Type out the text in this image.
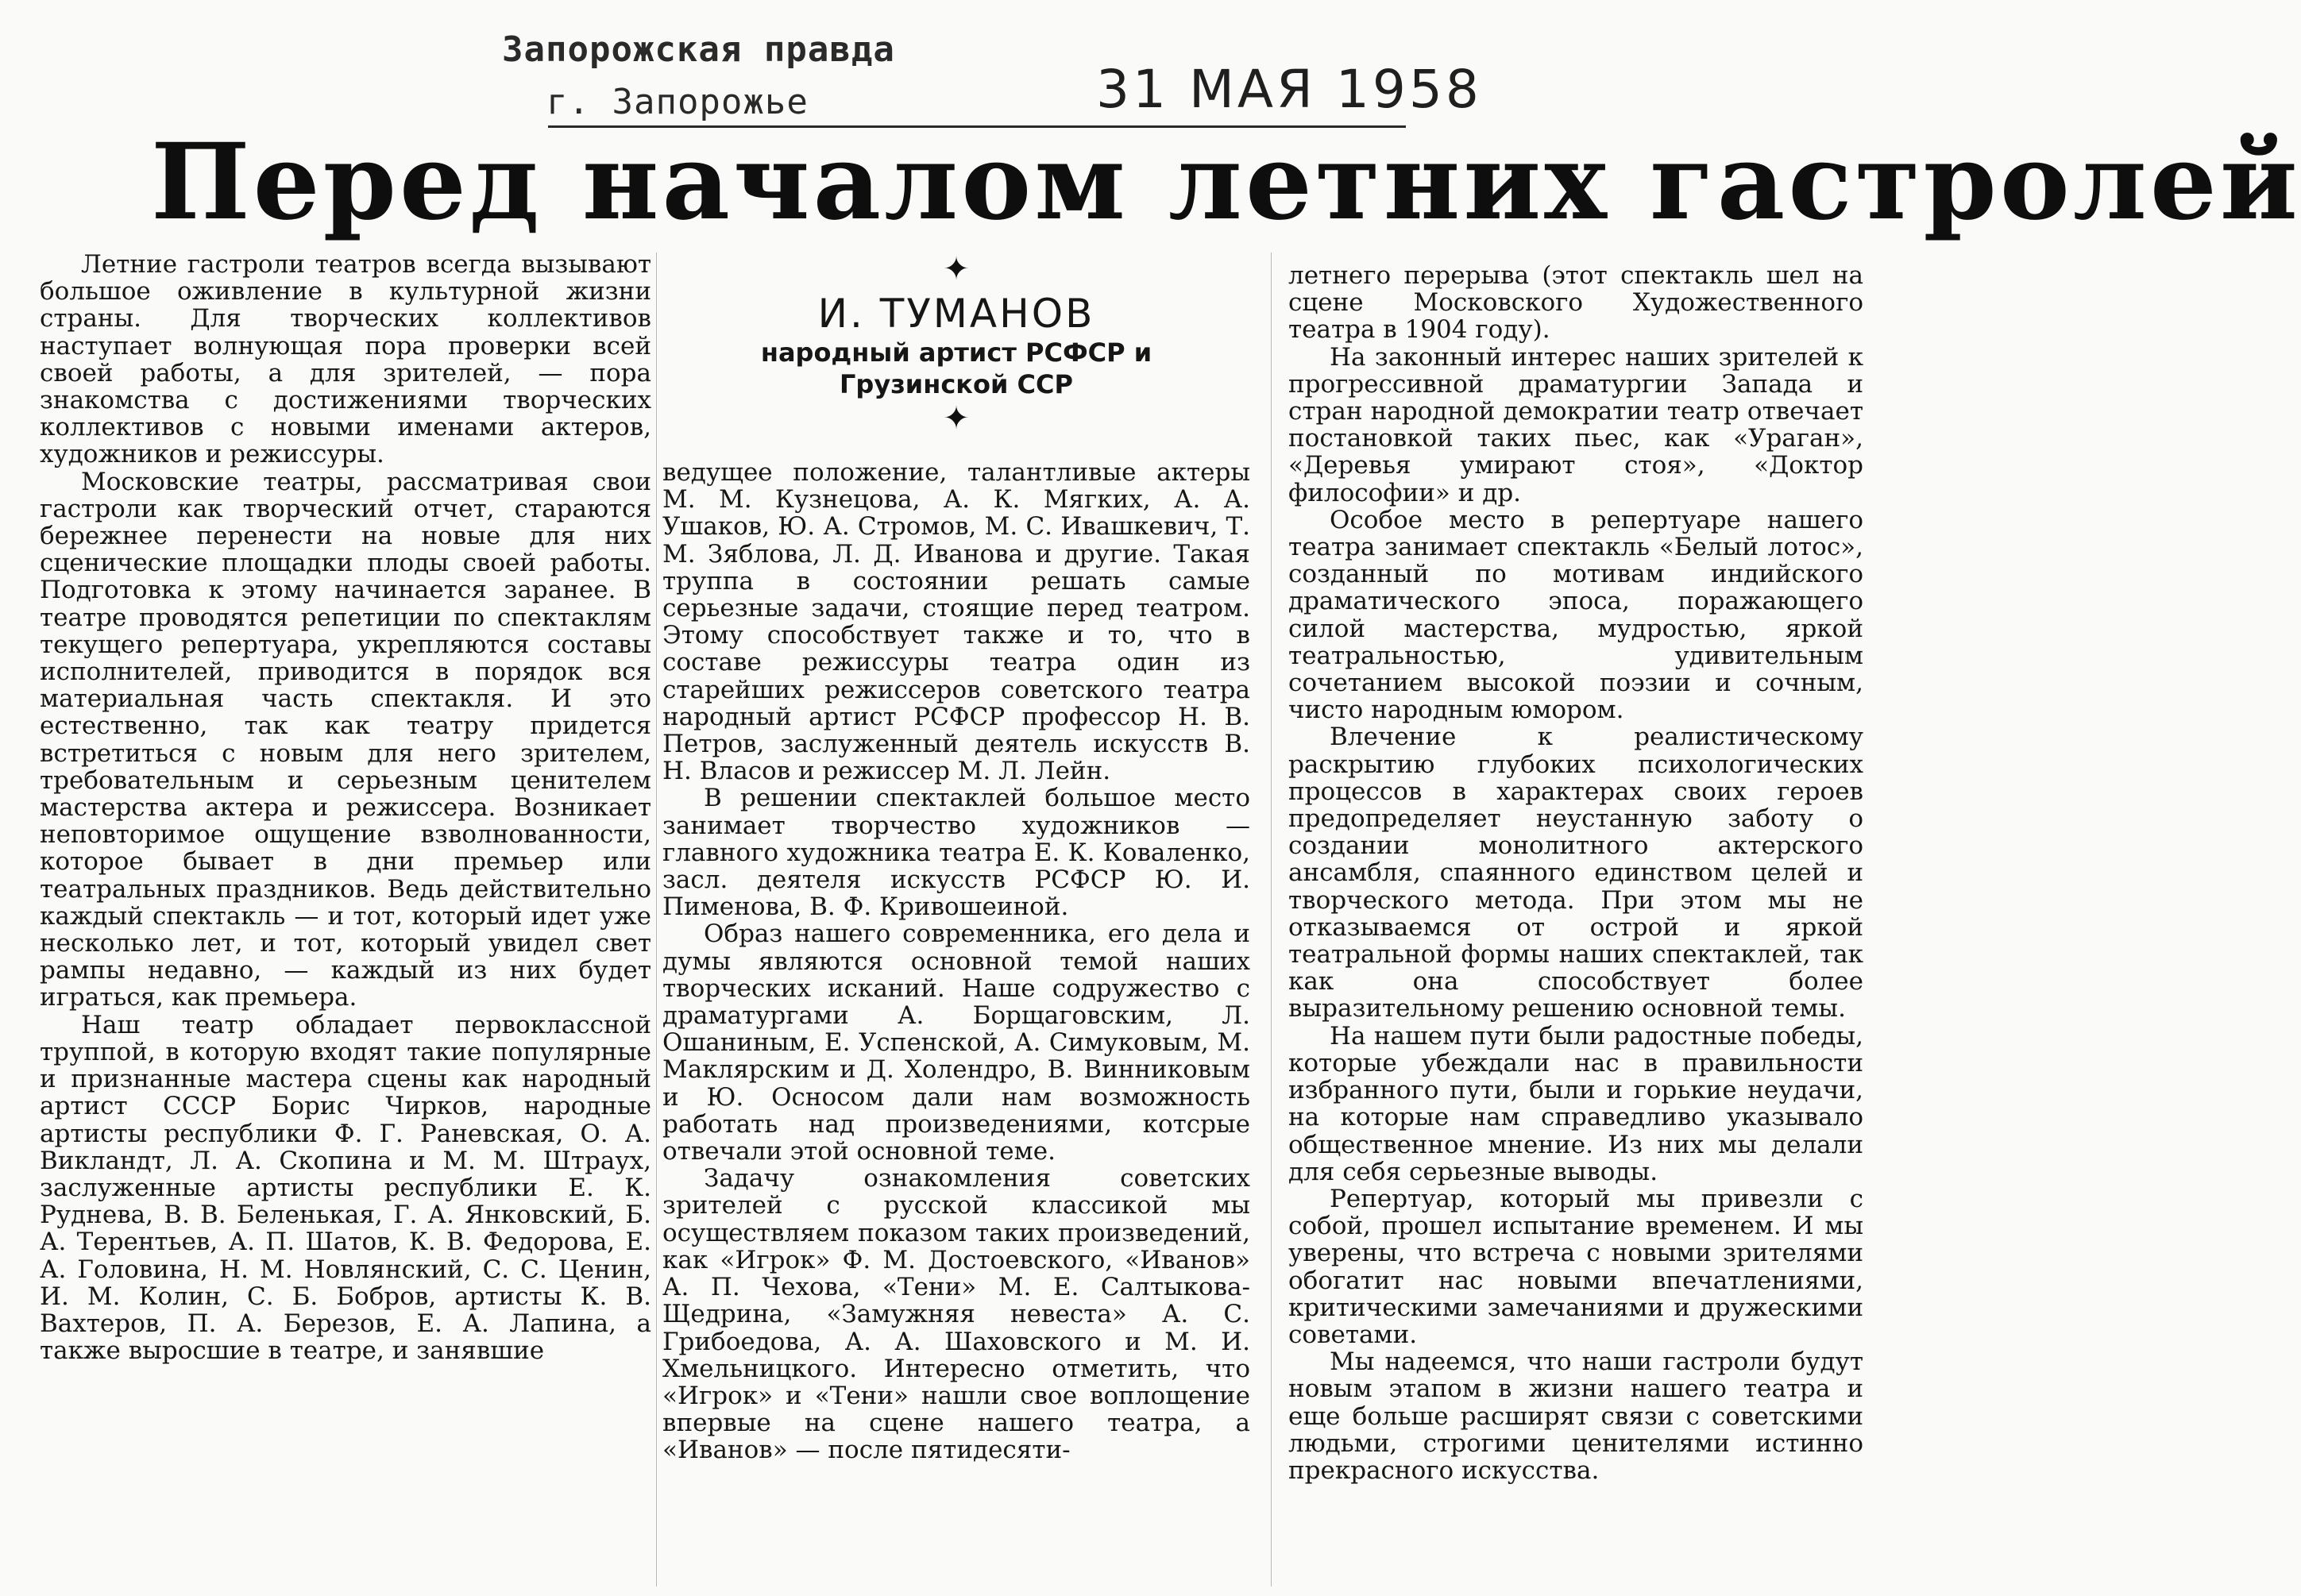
Запорожская правда
г. Запорожье	31 МАЯ 1958
Перед началом летних гастролей
✦
И. ТУМАНОВ
народный артист РСФСР и
Грузинской ССР
✦

Летние гастроли театров всегда вызывают большое оживление в культурной жизни страны. Для творческих коллективов наступает волнующая пора проверки всей своей работы, а для зрителей, — пора знакомства с достижениями творческих коллективов с новыми именами актеров, художников и режиссуры.

Московские театры, рассматривая свои гастроли как творческий отчет, стараются бережнее перенести на новые для них сценические площадки плоды своей работы. Подготовка к этому начинается заранее. В театре проводятся репетиции по спектаклям текущего репертуара, укрепляются составы исполнителей, приводится в порядок вся материальная часть спектакля. И это естественно, так как театру придется встретиться с новым для него зрителем, требовательным и серьезным ценителем мастерства актера и режиссера. Возникает неповторимое ощущение взволнованности, которое бывает в дни премьер или театральных праздников. Ведь действительно каждый спектакль — и тот, который идет уже несколько лет, и тот, который увидел свет рампы недавно, — каждый из них будет играться, как премьера.

Наш театр обладает первоклассной труппой, в которую входят такие популярные и признанные мастера сцены как народный артист СССР Борис Чирков, народные артисты республики Ф. Г. Раневская, О. А. Викландт, Л. А. Скопина и М. М. Штраух, заслуженные артисты республики Е. К. Руднева, В. В. Беленькая, Г. А. Янковский, Б. А. Терентьев, А. П. Шатов, К. В. Федорова, Е. А. Головина, Н. М. Новлянский, С. С. Ценин, И. М. Колин, С. Б. Бобров, артисты К. В. Вахтеров, П. А. Березов, Е. А. Лапина, а также выросшие в театре, и занявшие

ведущее положение, талантливые актеры М. М. Кузнецова, А. К. Мягких, А. А. Ушаков, Ю. А. Стромов, М. С. Ивашкевич, Т. М. Зяблова, Л. Д. Иванова и другие. Такая труппа в состоянии решать самые серьезные задачи, стоящие перед театром. Этому способствует также и то, что в составе режиссуры театра один из старейших режиссеров советского театра народный артист РСФСР профессор Н. В. Петров, заслуженный деятель искусств В. Н. Власов и режиссер М. Л. Лейн.

В решении спектаклей большое место занимает творчество художников — главного художника театра Е. К. Коваленко, засл. деятеля искусств РСФСР Ю. И. Пименова, В. Ф. Кривошеиной.

Образ нашего современника, его дела и думы являются основной темой наших творческих исканий. Наше содружество с драматургами А. Борщаговским, Л. Ошаниным, Е. Успенской, А. Симуковым, М. Маклярским и Д. Холендро, В. Винниковым и Ю. Осносом дали нам возможность работать над произведениями, котсрые отвечали этой основной теме.

Задачу ознакомления советских зрителей с русской классикой мы осуществляем показом таких произведений, как «Игрок» Ф. М. Достоевского, «Иванов» А. П. Чехова, «Тени» М. Е. Салтыкова-Щедрина, «Замужняя невеста» А. С. Грибоедова, А. А. Шаховского и М. И. Хмельницкого. Интересно отметить, что «Игрок» и «Тени» нашли свое воплощение впервые на сцене нашего театра, а «Иванов» — после пятидесяти-

летнего перерыва (этот спектакль шел на сцене Московского Художественного театра в 1904 году).

На законный интерес наших зрителей к прогрессивной драматургии Запада и стран народной демократии театр отвечает постановкой таких пьес, как «Ураган», «Деревья умирают стоя», «Доктор философии» и др.

Особое место в репертуаре нашего театра занимает спектакль «Белый лотос», созданный по мотивам индийского драматического эпоса, поражающего силой мастерства, мудростью, яркой театральностью, удивительным сочетанием высокой поэзии и сочным, чисто народным юмором.

Влечение к реалистическому раскрытию глубоких психологических процессов в характерах своих героев предопределяет неустанную заботу о создании монолитного актерского ансамбля, спаянного единством целей и творческого метода. При этом мы не отказываемся от острой и яркой театральной формы наших спектаклей, так как она способствует более выразительному решению основной темы.

На нашем пути были радостные победы, которые убеждали нас в правильности избранного пути, были и горькие неудачи, на которые нам справедливо указывало общественное мнение. Из них мы делали для себя серьезные выводы.

Репертуар, который мы привезли с собой, прошел испытание временем. И мы уверены, что встреча с новыми зрителями обогатит нас новыми впечатлениями, критическими замечаниями и дружескими советами.

Мы надеемся, что наши гастроли будут новым этапом в жизни нашего театра и еще больше расширят связи с советскими людьми, строгими ценителями истинно прекрасного искусства.
